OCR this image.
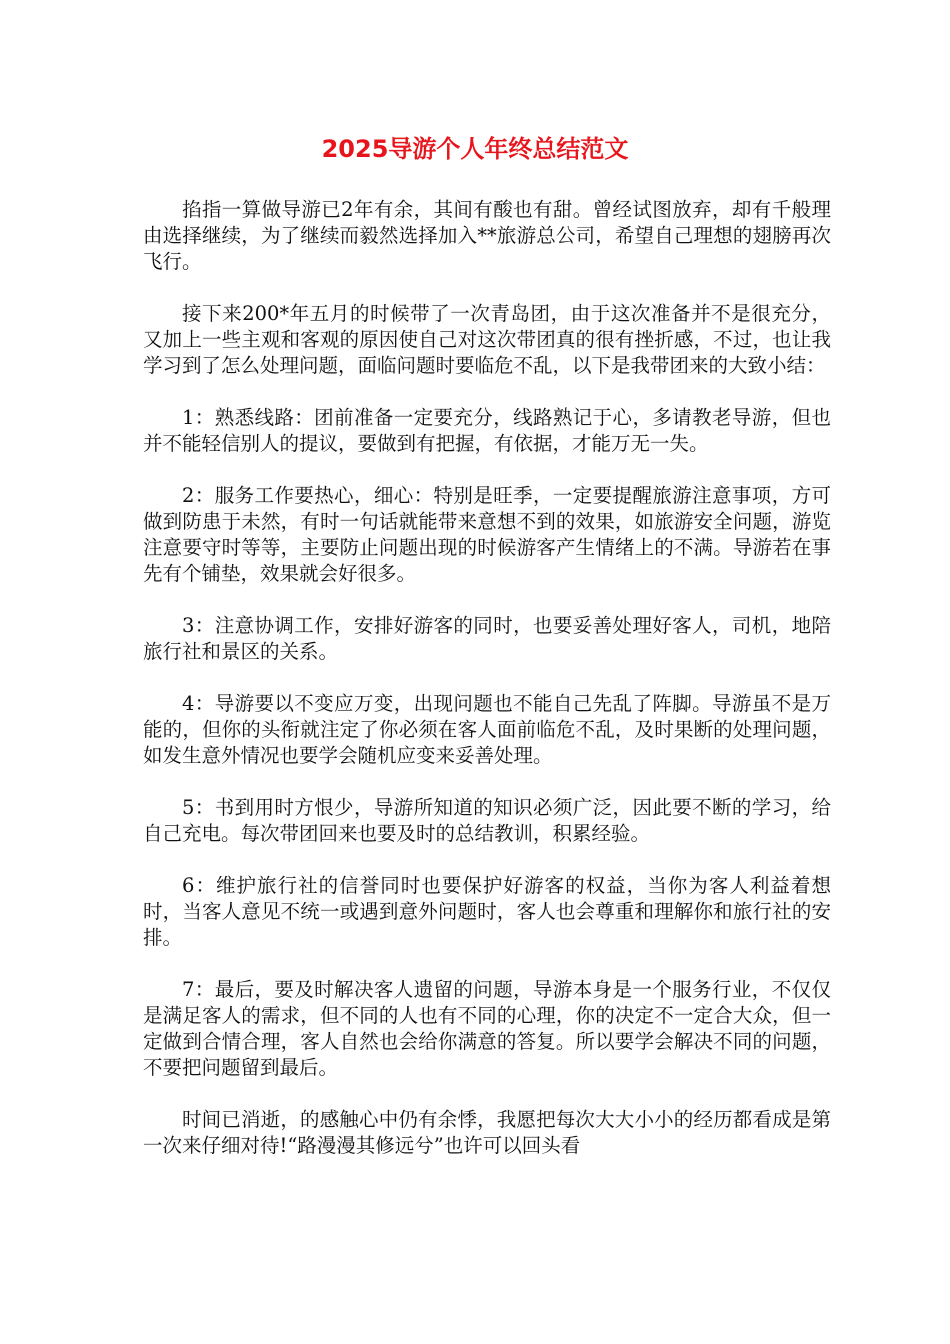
2025导游个人年终总结范文

掐指一算做导游已2年有余，其间有酸也有甜。曾经试图放弃，却有千般理由选择继续，为了继续而毅然选择加入**旅游总公司，希望自己理想的翅膀再次飞行。

接下来200*年五月的时候带了一次青岛团，由于这次准备并不是很充分，又加上一些主观和客观的原因使自己对这次带团真的很有挫折感，不过，也让我学习到了怎么处理问题，面临问题时要临危不乱，以下是我带团来的大致小结：

1：熟悉线路：团前准备一定要充分，线路熟记于心，多请教老导游，但也并不能轻信别人的提议，要做到有把握，有依据，才能万无一失。

2：服务工作要热心，细心：特别是旺季，一定要提醒旅游注意事项，方可做到防患于未然，有时一句话就能带来意想不到的效果，如旅游安全问题，游览注意要守时等等，主要防止问题出现的时候游客产生情绪上的不满。导游若在事先有个铺垫，效果就会好很多。

3：注意协调工作，安排好游客的同时，也要妥善处理好客人，司机，地陪旅行社和景区的关系。

4：导游要以不变应万变，出现问题也不能自己先乱了阵脚。导游虽不是万能的，但你的头衔就注定了你必须在客人面前临危不乱，及时果断的处理问题，如发生意外情况也要学会随机应变来妥善处理。

5：书到用时方恨少，导游所知道的知识必须广泛，因此要不断的学习，给自己充电。每次带团回来也要及时的总结教训，积累经验。

6：维护旅行社的信誉同时也要保护好游客的权益，当你为客人利益着想时，当客人意见不统一或遇到意外问题时，客人也会尊重和理解你和旅行社的安排。

7：最后，要及时解决客人遗留的问题，导游本身是一个服务行业，不仅仅是满足客人的需求，但不同的人也有不同的心理，你的决定不一定合大众，但一定做到合情合理，客人自然也会给你满意的答复。所以要学会解决不同的问题，不要把问题留到最后。

时间已消逝，的感触心中仍有余悸，我愿把每次大大小小的经历都看成是第一次来仔细对待!“路漫漫其修远兮”也许可以回头看
